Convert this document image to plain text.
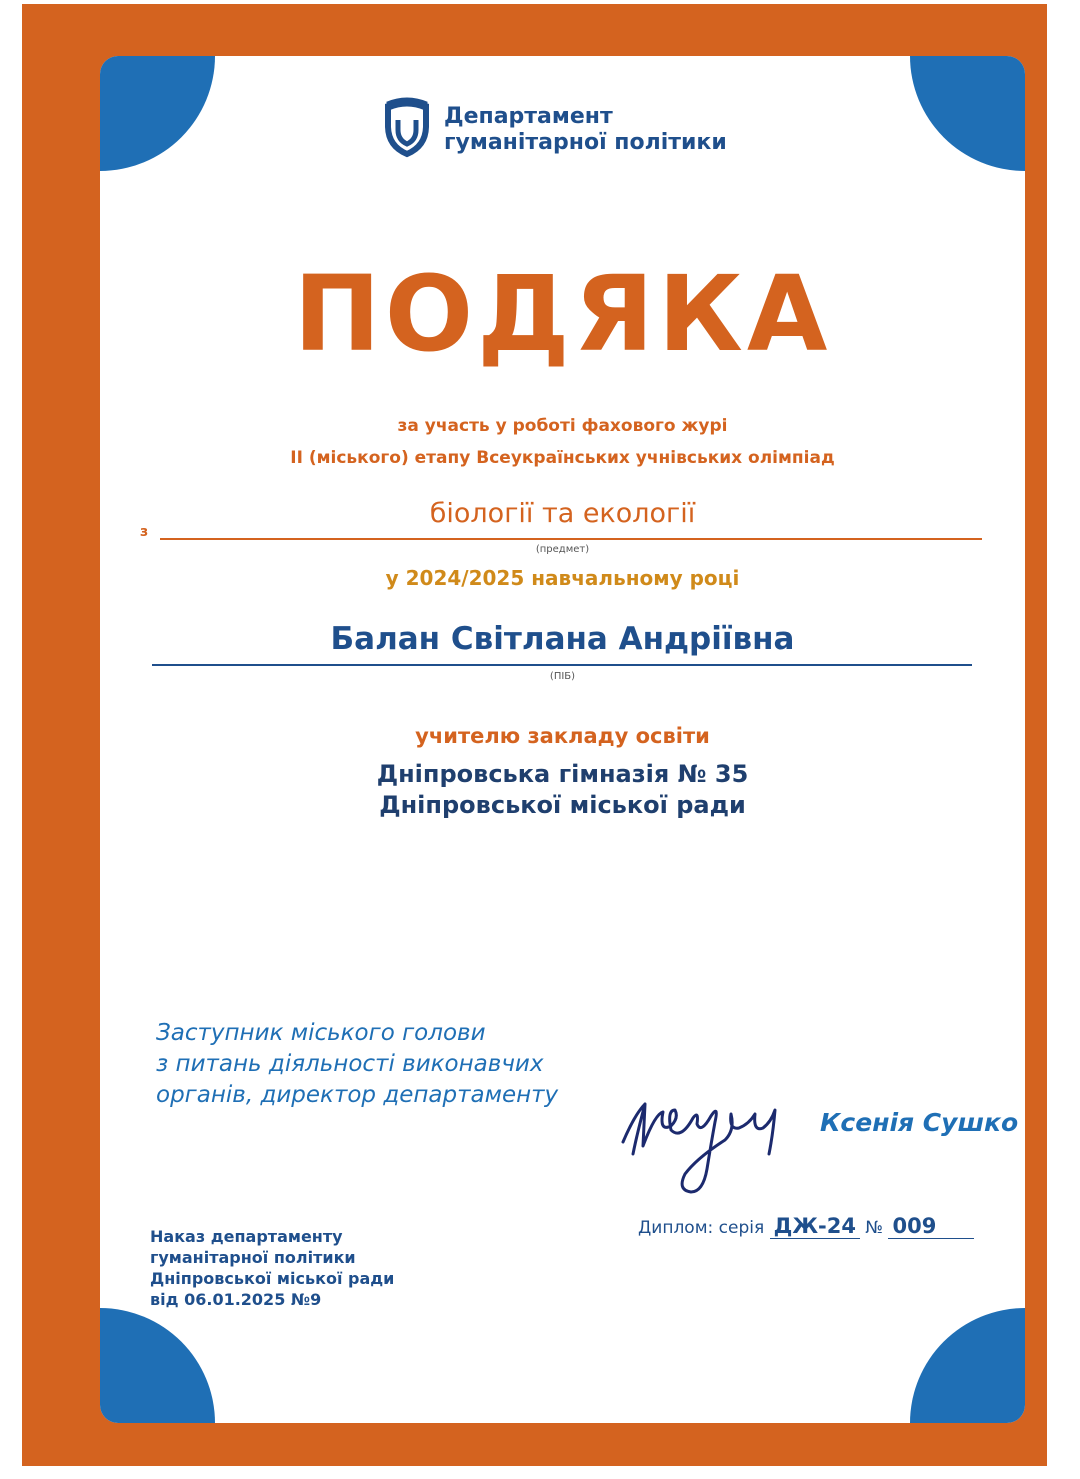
Департамент
гуманітарної політики
ПОДЯКА
за участь у роботі фахового журі
ІІ (міського) етапу Всеукраїнських учнівських олімпіад
з
біології та екології
(предмет)
у 2024/2025 навчальному році
Балан Світлана Андріївна
(ПІБ)
учителю закладу освіти
Дніпровська гімназія № 35
Дніпровської міської ради
Заступник міського голови
з питань діяльності виконавчих
органів, директор департаменту
Ксенія Сушко
Наказ департаменту
гуманітарної політики
Дніпровської міської ради
від 06.01.2025 №9
Диплом: серія ДЖ-24 № 009
